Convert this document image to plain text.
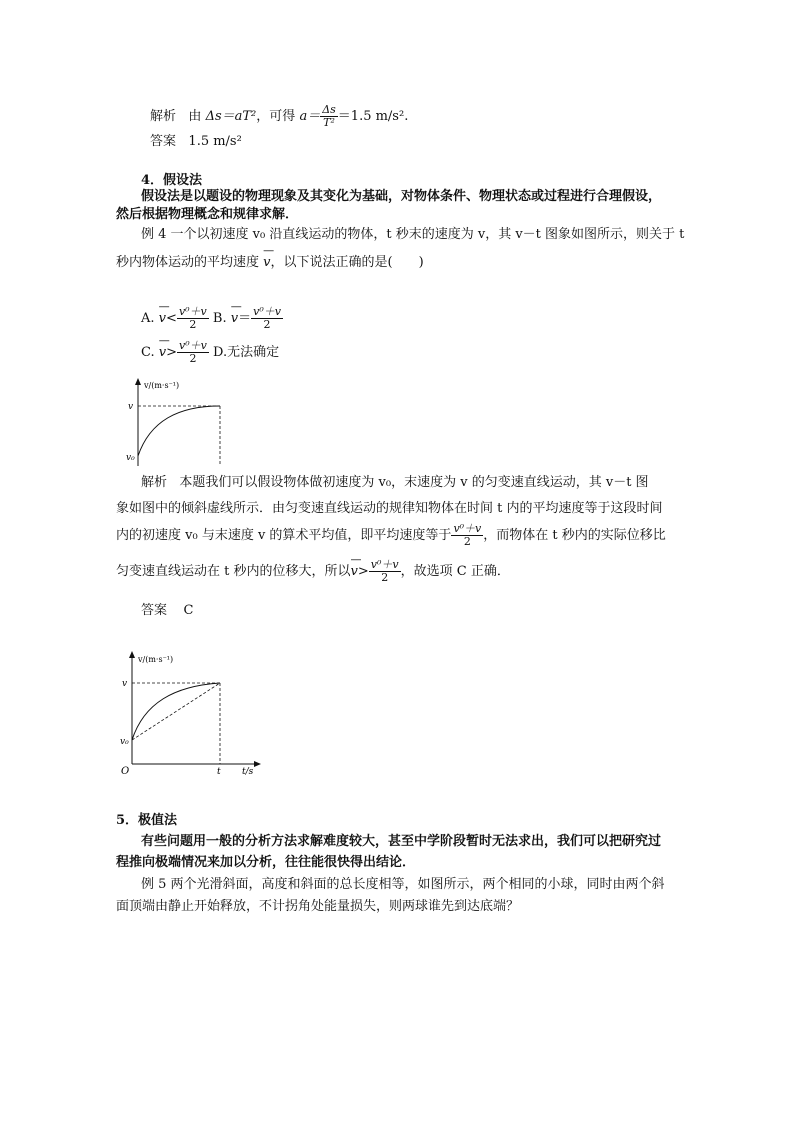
解析 由 Δs＝aT²，可得 $a= \frac{\Delta s}{\text{T²}} =1.5$ m/s².
答案 1.5 m/s²
4．假设法
假设法是以题设的物理现象及其变化为基础，对物体条件、物理状态或过程进行合理假设，
然后根据物理概念和规律求解．
例 4 一个以初速度 v₀ 沿直线运动的物体，t 秒末的速度为 v，其 v－t 图象如图所示，则关于 t
秒内物体运动的平均速度 — v，以下说法正确的是(　　)
A. — $v< \frac{\text{v⁰＋v}}{2} B$. — $v= \frac{\text{v⁰＋v}}{2}$
C. — $v> \frac{\text{v⁰＋v}}{2} D$.无法确定
v/(m·s⁻¹)
v
v₀
解析 本题我们可以假设物体做初速度为 v₀，末速度为 v 的匀变速直线运动，其 v－t 图
象如图中的倾斜虚线所示．由匀变速直线运动的规律知物体在时间 t 内的平均速度等于这段时间
内的初速度 v₀ 与末速度 v 的算术平均值，即平均速度等于 $\frac{\text{v⁰＋v}}{2}$ ，而物体在 t 秒内的实际位移比
匀变速直线运动在 t 秒内的位移大，所以— $v> \frac{\text{v⁰＋v}}{2}$ ，故选项 C 正确．
答案 C
v/(m·s⁻¹)
v
v₀
O	t t/s
5．极值法
有些问题用一般的分析方法求解难度较大，甚至中学阶段暂时无法求出，我们可以把研究过
程推向极端情况来加以分析，往往能很快得出结论．
例 5 两个光滑斜面，高度和斜面的总长度相等，如图所示，两个相同的小球，同时由两个斜
面顶端由静止开始释放，不计拐角处能量损失，则两球谁先到达底端？
